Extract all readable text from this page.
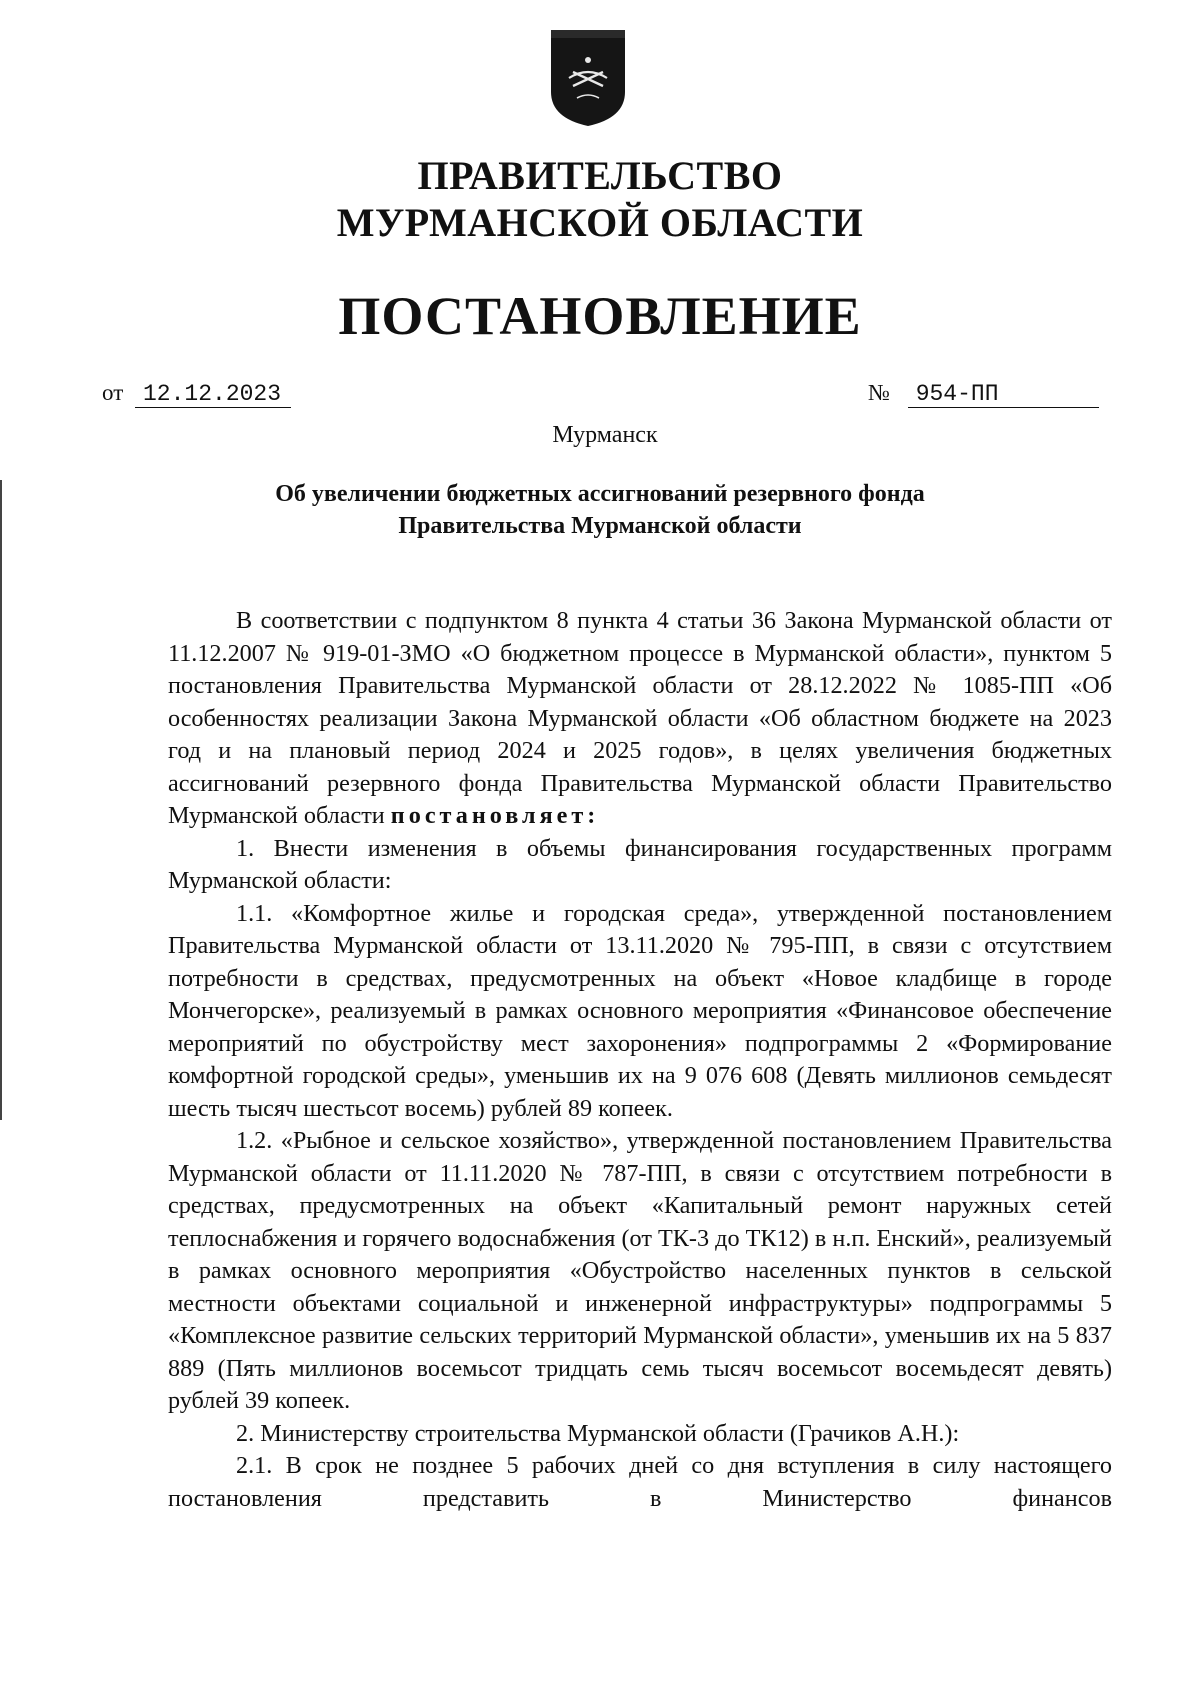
ПРАВИТЕЛЬСТВО
МУРМАНСКОЙ ОБЛАСТИ
ПОСТАНОВЛЕНИЕ
от 12.12.2023	№ 954-ПП
Мурманск
Об увеличении бюджетных ассигнований резервного фонда
Правительства Мурманской области

В соответствии с подпунктом 8 пункта 4 статьи 36 Закона Мурманской области от 11.12.2007 № 919-01-ЗМО «О бюджетном процессе в Мурманской области», пунктом 5 постановления Правительства Мурманской области от 28.12.2022 № 1085-ПП «Об особенностях реализации Закона Мурманской области «Об областном бюджете на 2023 год и на плановый период 2024 и 2025 годов», в целях увеличения бюджетных ассигнований резервного фонда Правительства Мурманской области Правительство Мурманской области постановляет:

1. Внести изменения в объемы финансирования государственных программ Мурманской области:

1.1. «Комфортное жилье и городская среда», утвержденной постановлением Правительства Мурманской области от 13.11.2020 № 795-ПП, в связи с отсутствием потребности в средствах, предусмотренных на объект «Новое кладбище в городе Мончегорске», реализуемый в рамках основного мероприятия «Финансовое обеспечение мероприятий по обустройству мест захоронения» подпрограммы 2 «Формирование комфортной городской среды», уменьшив их на 9 076 608 (Девять миллионов семьдесят шесть тысяч шестьсот восемь) рублей 89 копеек.

1.2. «Рыбное и сельское хозяйство», утвержденной постановлением Правительства Мурманской области от 11.11.2020 № 787-ПП, в связи с отсутствием потребности в средствах, предусмотренных на объект «Капитальный ремонт наружных сетей теплоснабжения и горячего водоснабжения (от ТК-3 до ТК12) в н.п. Енский», реализуемый в рамках основного мероприятия «Обустройство населенных пунктов в сельской местности объектами социальной и инженерной инфраструктуры» подпрограммы 5 «Комплексное развитие сельских территорий Мурманской области», уменьшив их на 5 837 889 (Пять миллионов восемьсот тридцать семь тысяч восемьсот восемьдесят девять) рублей 39 копеек.

2. Министерству строительства Мурманской области (Грачиков А.Н.):

2.1. В срок не позднее 5 рабочих дней со дня вступления в силу настоящего постановления представить в Министерство финансов
